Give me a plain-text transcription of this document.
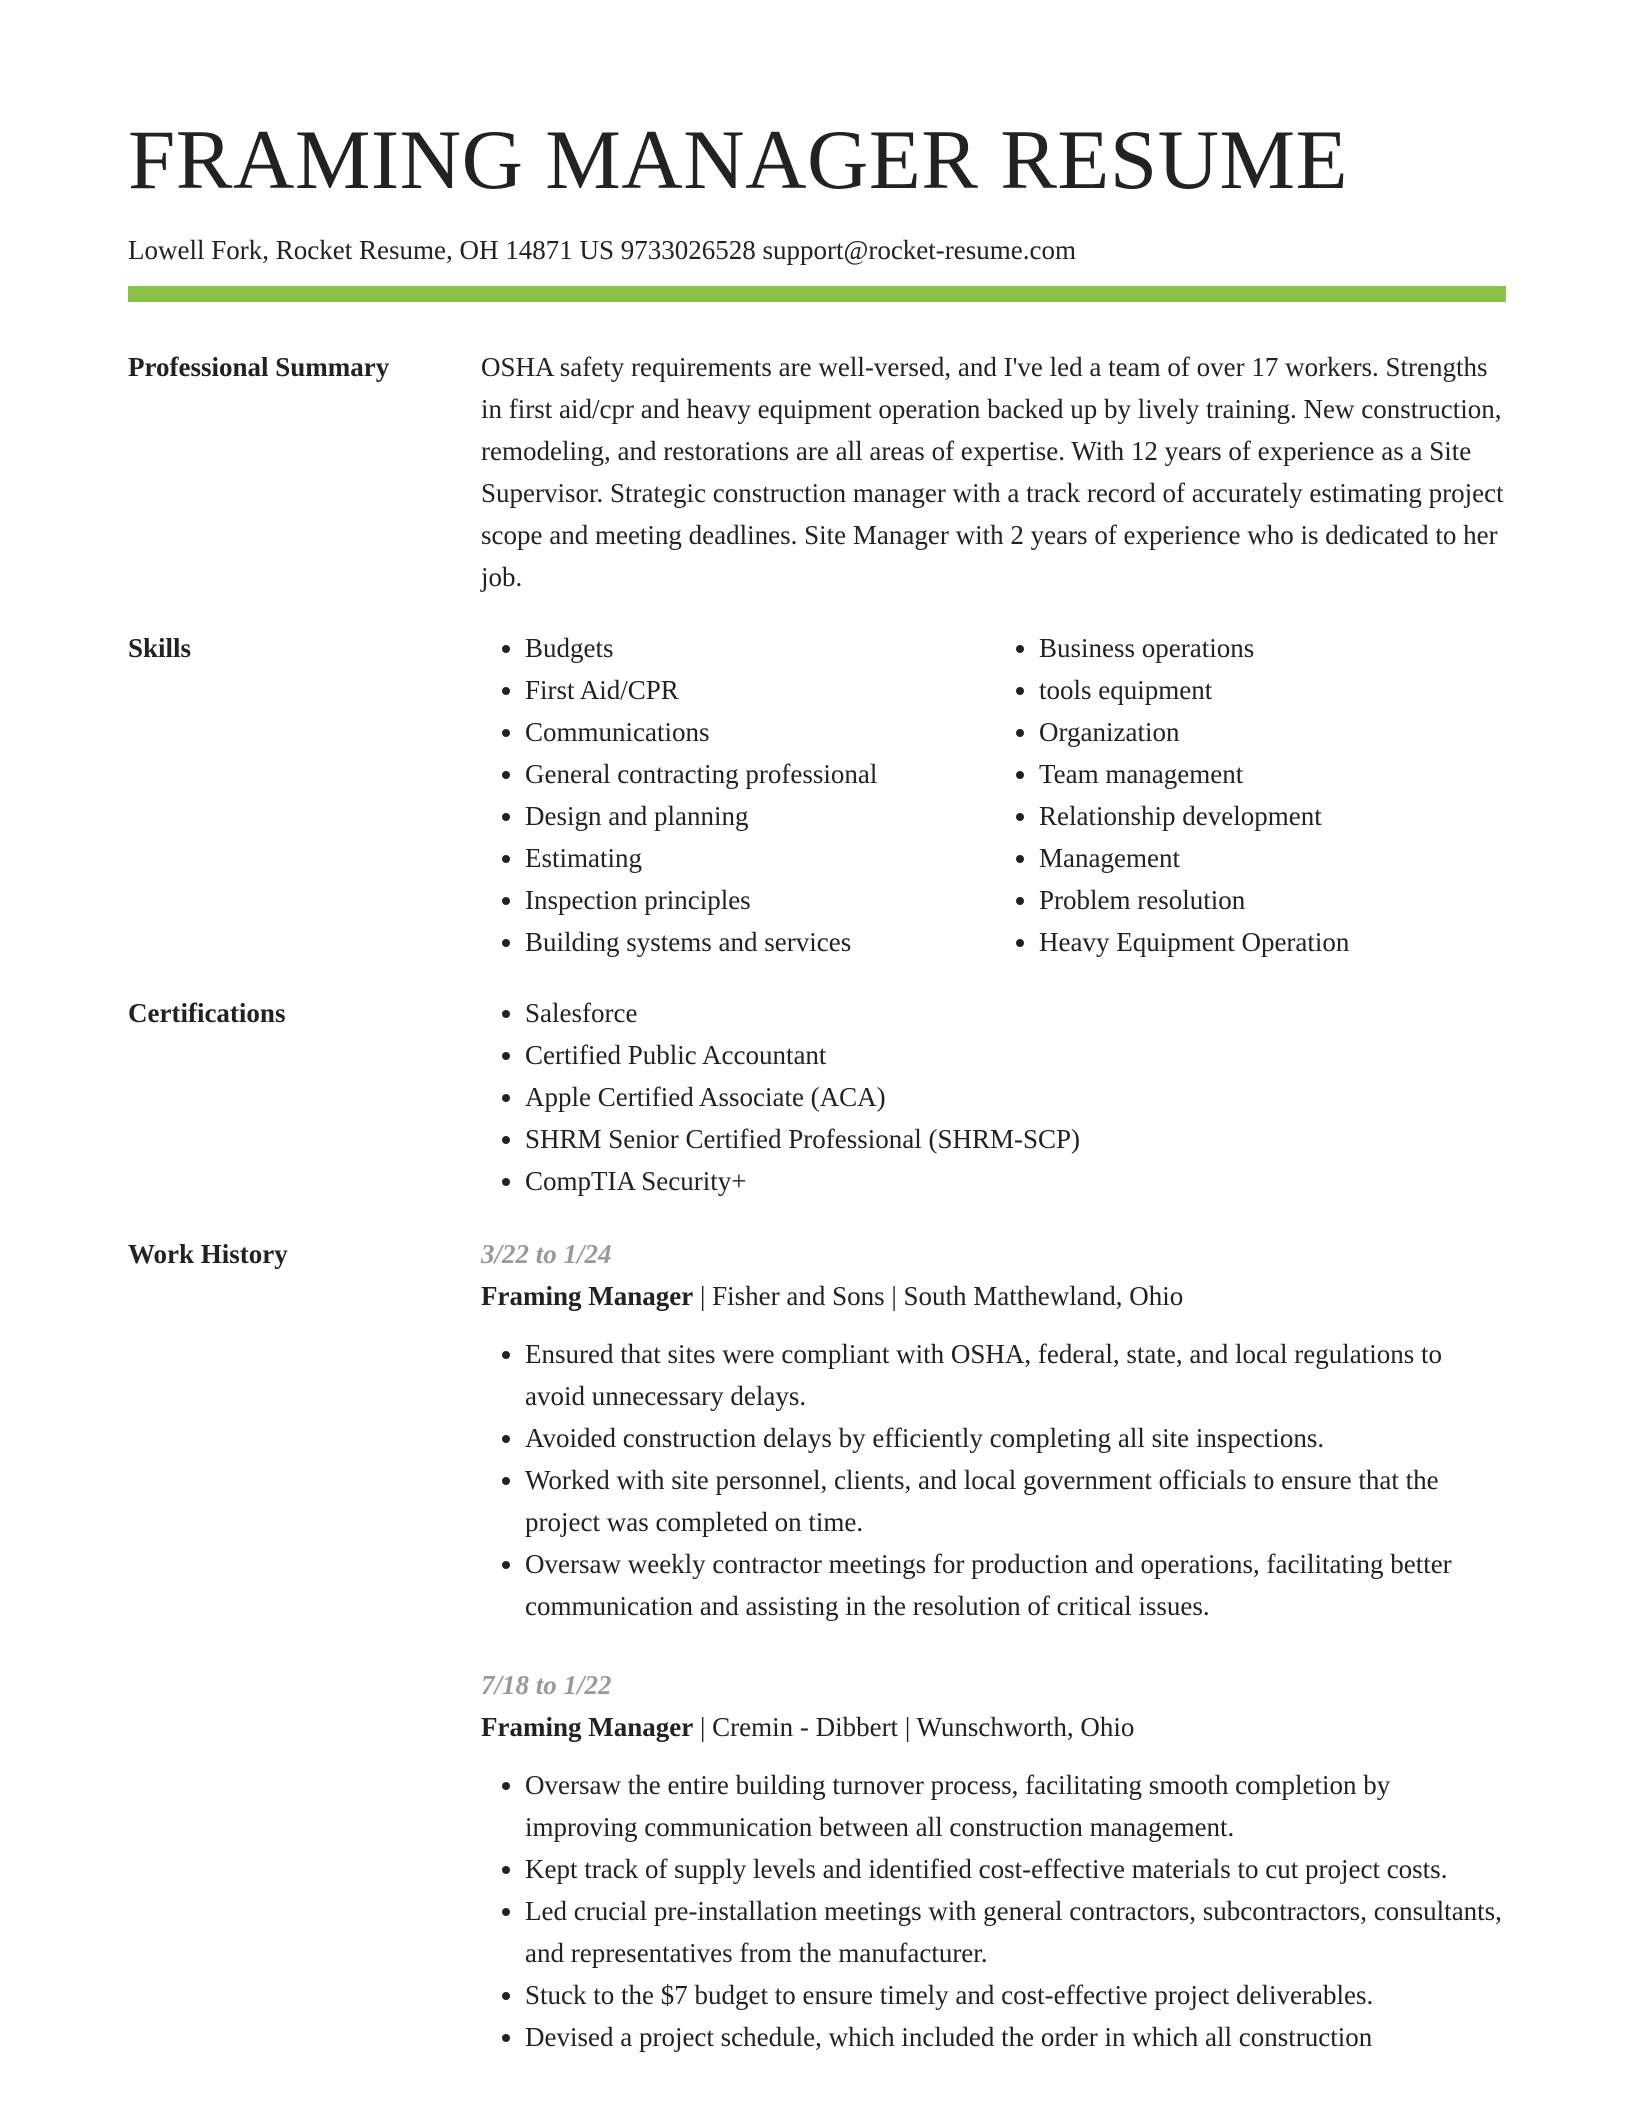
FRAMING MANAGER RESUME
Lowell Fork, Rocket Resume, OH 14871 US 9733026528 support@rocket-resume.com
Professional Summary	OSHA safety requirements are well-versed, and I've led a team of over 17 workers. Strengths in first aid/cpr and heavy equipment operation backed up by lively training. New construction, remodeling, and restorations are all areas of expertise. With 12 years of experience as a Site Supervisor. Strategic construction manager with a track record of accurately estimating project scope and meeting deadlines. Site Manager with 2 years of experience who is dedicated to her job.

Skills	• Budgets
• First Aid/CPR
• Communications
• General contracting professional
• Design and planning
• Estimating
• Inspection principles
• Building systems and services
• Business operations
• tools equipment
• Organization
• Team management
• Relationship development
• Management
• Problem resolution
• Heavy Equipment Operation
Certifications	• Salesforce
• Certified Public Accountant
• Apple Certified Associate (ACA)
• SHRM Senior Certified Professional (SHRM-SCP)
• CompTIA Security+
Work History	3/22 to 1/24
Framing Manager | Fisher and Sons | South Matthewland, Ohio
• Ensured that sites were compliant with OSHA, federal, state, and local regulations to avoid unnecessary delays.
• Avoided construction delays by efficiently completing all site inspections.
• Worked with site personnel, clients, and local government officials to ensure that the project was completed on time.
• Oversaw weekly contractor meetings for production and operations, facilitating better communication and assisting in the resolution of critical issues.
7/18 to 1/22
Framing Manager | Cremin - Dibbert | Wunschworth, Ohio
• Oversaw the entire building turnover process, facilitating smooth completion by improving communication between all construction management.
• Kept track of supply levels and identified cost-effective materials to cut project costs.
• Led crucial pre-installation meetings with general contractors, subcontractors, consultants, and representatives from the manufacturer.
• Stuck to the $7 budget to ensure timely and cost-effective project deliverables.
• Devised a project schedule, which included the order in which all construction
